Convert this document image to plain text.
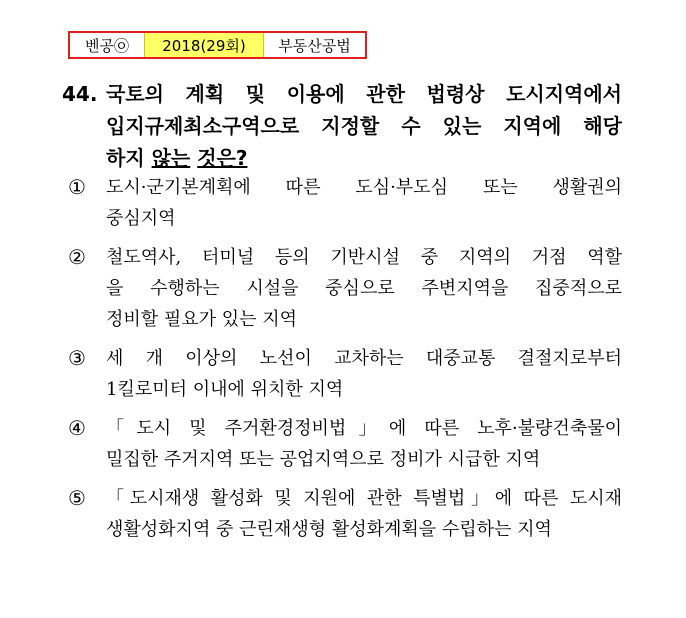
벤공㉧	2018(29회)	부동산공법
44. 국토의 계획 및 이용에 관한 법령상 도시지역에서
입지규제최소구역으로 지정할 수 있는 지역에 해당
하지 않는 것은?
① 도시·군기본계획에 따른 도심·부도심 또는 생활권의
중심지역
② 철도역사, 터미널 등의 기반시설 중 지역의 거점 역할
을 수행하는 시설을 중심으로 주변지역을 집중적으로
정비할 필요가 있는 지역
③ 세 개 이상의 노선이 교차하는 대중교통 결절지로부터
1킬로미터 이내에 위치한 지역
④ 「도시 및 주거환경정비법」에 따른 노후·불량건축물이
밀집한 주거지역 또는 공업지역으로 정비가 시급한 지역
⑤ 「도시재생 활성화 및 지원에 관한 특별법」에 따른 도시재
생활성화지역 중 근린재생형 활성화계획을 수립하는 지역
